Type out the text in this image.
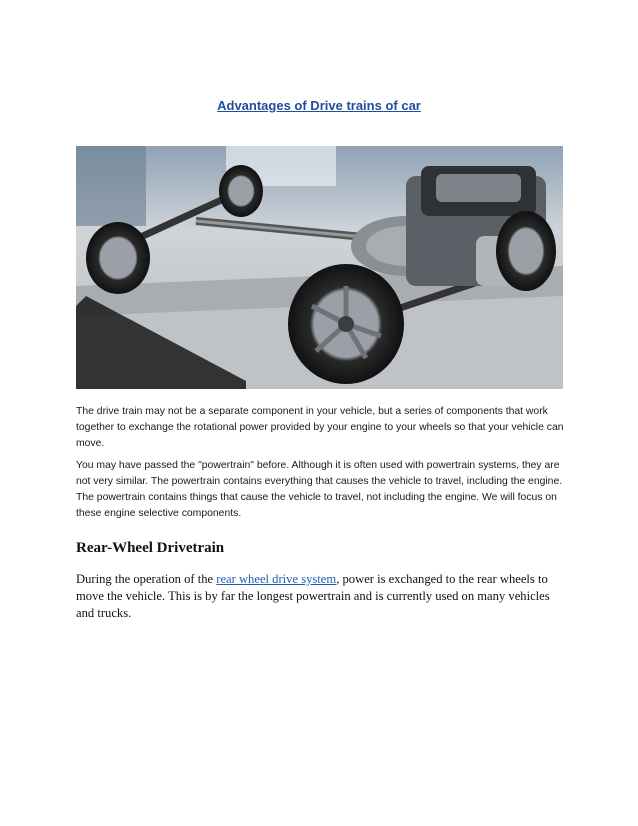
Advantages of Drive trains of car
The drive train may not be a separate component in your vehicle, but a series of components that work together to exchange the rotational power provided by your engine to your wheels so that your vehicle can move.
You may have passed the "powertrain" before. Although it is often used with powertrain systems, they are not very similar. The powertrain contains everything that causes the vehicle to travel, including the engine. The powertrain contains things that cause the vehicle to travel, not including the engine. We will focus on these engine selective components.
Rear-Wheel Drivetrain
During the operation of the rear wheel drive system, power is exchanged to the rear wheels to move the vehicle. This is by far the longest powertrain and is currently used on many vehicles and trucks.
